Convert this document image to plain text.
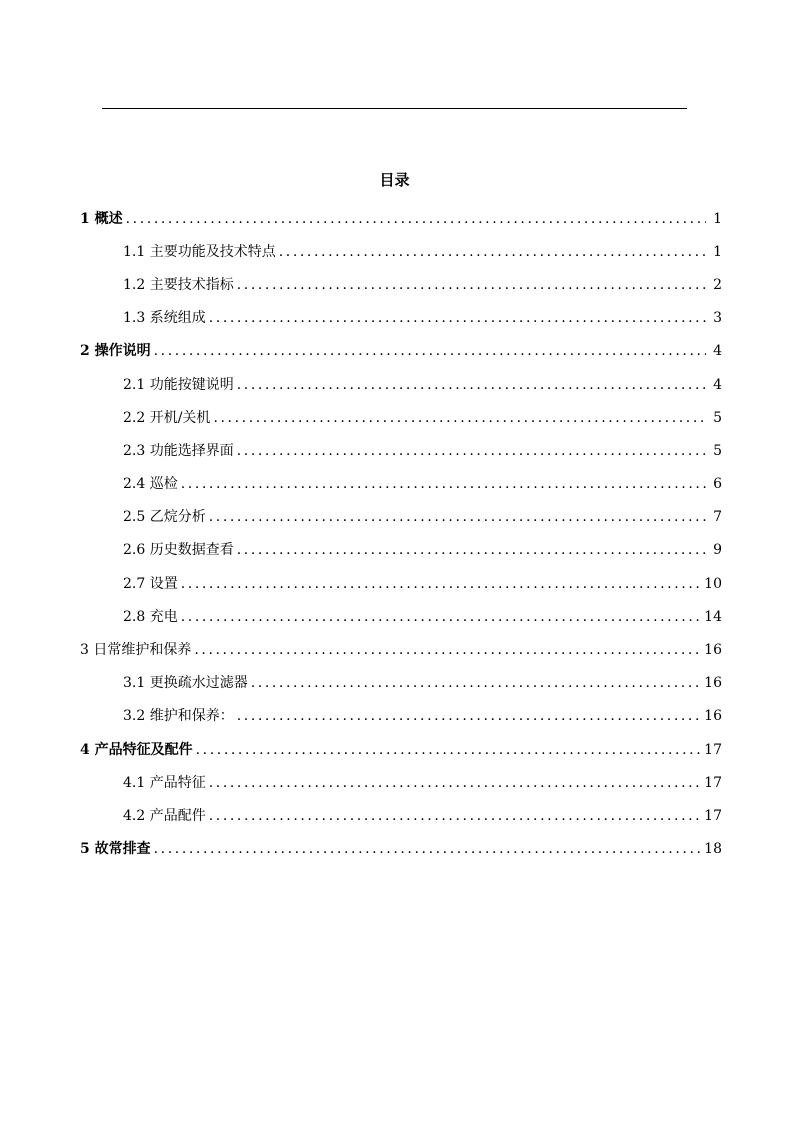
目录
1 概述 .....	1
1.1 主要功能及技术特点 .....	1
1.2 主要技术指标 .....	2
1.3 系统组成 .....	3
2 操作说明 .....	4
2.1 功能按键说明 .....	4
2.2 开机/关机 .....	5
2.3 功能选择界面 .....	5
2.4 巡检 .....	6
2.5 乙烷分析 .....	7
2.6 历史数据查看 .....	9
2.7 设置 .....	10
2.8 充电 .....	14
3 日常维护和保养 .....	16
3.1 更换疏水过滤器 .....	16
3.2 维护和保养： .....	16
4 产品特征及配件 .....	17
4.1 产品特征 .....	17
4.2 产品配件 .....	17
5 故常排查 .....	18
